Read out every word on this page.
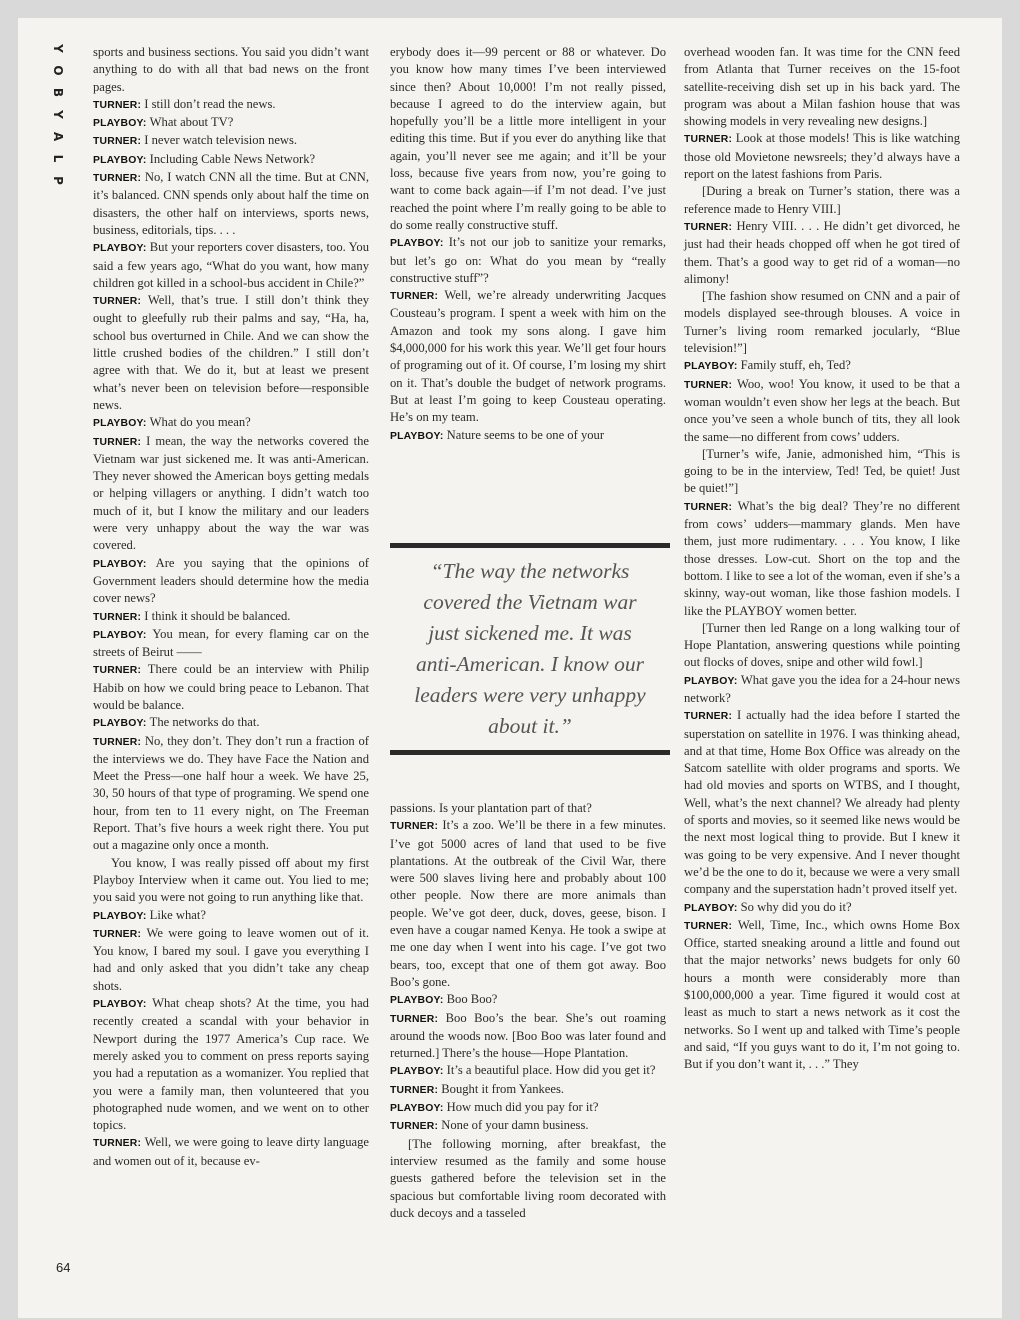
Y
O
B
Y
A
L
P

sports and business sections. You said you didn’t want anything to do with all that bad news on the front pages.

TURNER: I still don’t read the news.

PLAYBOY: What about TV?

TURNER: I never watch television news.

PLAYBOY: Including Cable News Network?

TURNER: No, I watch CNN all the time. But at CNN, it’s balanced. CNN spends only about half the time on disasters, the other half on interviews, sports news, business, editorials, tips. . . .

PLAYBOY: But your reporters cover disasters, too. You said a few years ago, “What do you want, how many children got killed in a school-bus accident in Chile?”

TURNER: Well, that’s true. I still don’t think they ought to gleefully rub their palms and say, “Ha, ha, school bus overturned in Chile. And we can show the little crushed bodies of the children.” I still don’t agree with that. We do it, but at least we present what’s never been on television before—responsible news.

PLAYBOY: What do you mean?

TURNER: I mean, the way the networks covered the Vietnam war just sickened me. It was anti-American. They never showed the American boys getting medals or helping villagers or anything. I didn’t watch too much of it, but I know the military and our leaders were very unhappy about the way the war was covered.

PLAYBOY: Are you saying that the opinions of Government leaders should determine how the media cover news?

TURNER: I think it should be balanced.

PLAYBOY: You mean, for every flaming car on the streets of Beirut ——

TURNER: There could be an interview with Philip Habib on how we could bring peace to Lebanon. That would be balance.

PLAYBOY: The networks do that.

TURNER: No, they don’t. They don’t run a fraction of the interviews we do. They have Face the Nation and Meet the Press—one half hour a week. We have 25, 30, 50 hours of that type of programing. We spend one hour, from ten to 11 every night, on The Freeman Report. That’s five hours a week right there. You put out a magazine only once a month.

You know, I was really pissed off about my first Playboy Interview when it came out. You lied to me; you said you were not going to run anything like that.

PLAYBOY: Like what?

TURNER: We were going to leave women out of it. You know, I bared my soul. I gave you everything I had and only asked that you didn’t take any cheap shots.

PLAYBOY: What cheap shots? At the time, you had recently created a scandal with your behavior in Newport during the 1977 America’s Cup race. We merely asked you to comment on press reports saying you had a reputation as a womanizer. You replied that you were a family man, then volunteered that you photographed nude women, and we went on to other topics.

TURNER: Well, we were going to leave dirty language and women out of it, because ev-

erybody does it—99 percent or 88 or whatever. Do you know how many times I’ve been interviewed since then? About 10,000! I’m not really pissed, because I agreed to do the interview again, but hopefully you’ll be a little more intelligent in your editing this time. But if you ever do anything like that again, you’ll never see me again; and it’ll be your loss, because five years from now, you’re going to want to come back again—if I’m not dead. I’ve just reached the point where I’m really going to be able to do some really constructive stuff.

PLAYBOY: It’s not our job to sanitize your remarks, but let’s go on: What do you mean by “really constructive stuff”?

TURNER: Well, we’re already underwriting Jacques Cousteau’s program. I spent a week with him on the Amazon and took my sons along. I gave him $4,000,000 for his work this year. We’ll get four hours of programing out of it. Of course, I’m losing my shirt on it. That’s double the budget of network programs. But at least I’m going to keep Cousteau operating. He’s on my team.

PLAYBOY: Nature seems to be one of your

“The way the networks covered the Vietnam war just sickened me. It was anti-American. I know our leaders were very unhappy about it.”

passions. Is your plantation part of that?

TURNER: It’s a zoo. We’ll be there in a few minutes. I’ve got 5000 acres of land that used to be five plantations. At the outbreak of the Civil War, there were 500 slaves living here and probably about 100 other people. Now there are more animals than people. We’ve got deer, duck, doves, geese, bison. I even have a cougar named Kenya. He took a swipe at me one day when I went into his cage. I’ve got two bears, too, except that one of them got away. Boo Boo’s gone.

PLAYBOY: Boo Boo?

TURNER: Boo Boo’s the bear. She’s out roaming around the woods now. [Boo Boo was later found and returned.] There’s the house—Hope Plantation.

PLAYBOY: It’s a beautiful place. How did you get it?

TURNER: Bought it from Yankees.

PLAYBOY: How much did you pay for it?

TURNER: None of your damn business.

[The following morning, after breakfast, the interview resumed as the family and some house guests gathered before the television set in the spacious but comfortable living room decorated with duck decoys and a tasseled

overhead wooden fan. It was time for the CNN feed from Atlanta that Turner receives on the 15-foot satellite-receiving dish set up in his back yard. The program was about a Milan fashion house that was showing models in very revealing new designs.]

TURNER: Look at those models! This is like watching those old Movietone newsreels; they’d always have a report on the latest fashions from Paris.

[During a break on Turner’s station, there was a reference made to Henry VIII.]

TURNER: Henry VIII. . . . He didn’t get divorced, he just had their heads chopped off when he got tired of them. That’s a good way to get rid of a woman—no alimony!

[The fashion show resumed on CNN and a pair of models displayed see-through blouses. A voice in Turner’s living room remarked jocularly, “Blue television!”]

PLAYBOY: Family stuff, eh, Ted?

TURNER: Woo, woo! You know, it used to be that a woman wouldn’t even show her legs at the beach. But once you’ve seen a whole bunch of tits, they all look the same—no different from cows’ udders.

[Turner’s wife, Janie, admonished him, “This is going to be in the interview, Ted! Ted, be quiet! Just be quiet!”]

TURNER: What’s the big deal? They’re no different from cows’ udders—mammary glands. Men have them, just more rudimentary. . . . You know, I like those dresses. Low-cut. Short on the top and the bottom. I like to see a lot of the woman, even if she’s a skinny, way-out woman, like those fashion models. I like the PLAYBOY women better.

[Turner then led Range on a long walking tour of Hope Plantation, answering questions while pointing out flocks of doves, snipe and other wild fowl.]

PLAYBOY: What gave you the idea for a 24-hour news network?

TURNER: I actually had the idea before I started the superstation on satellite in 1976. I was thinking ahead, and at that time, Home Box Office was already on the Satcom satellite with older programs and sports. We had old movies and sports on WTBS, and I thought, Well, what’s the next channel? We already had plenty of sports and movies, so it seemed like news would be the next most logical thing to provide. But I knew it was going to be very expensive. And I never thought we’d be the one to do it, because we were a very small company and the superstation hadn’t proved itself yet.

PLAYBOY: So why did you do it?

TURNER: Well, Time, Inc., which owns Home Box Office, started sneaking around a little and found out that the major networks’ news budgets for only 60 hours a month were considerably more than $100,000,000 a year. Time figured it would cost at least as much to start a news network as it cost the networks. So I went up and talked with Time’s people and said, “If you guys want to do it, I’m not going to. But if you don’t want it, . . .” They

64
